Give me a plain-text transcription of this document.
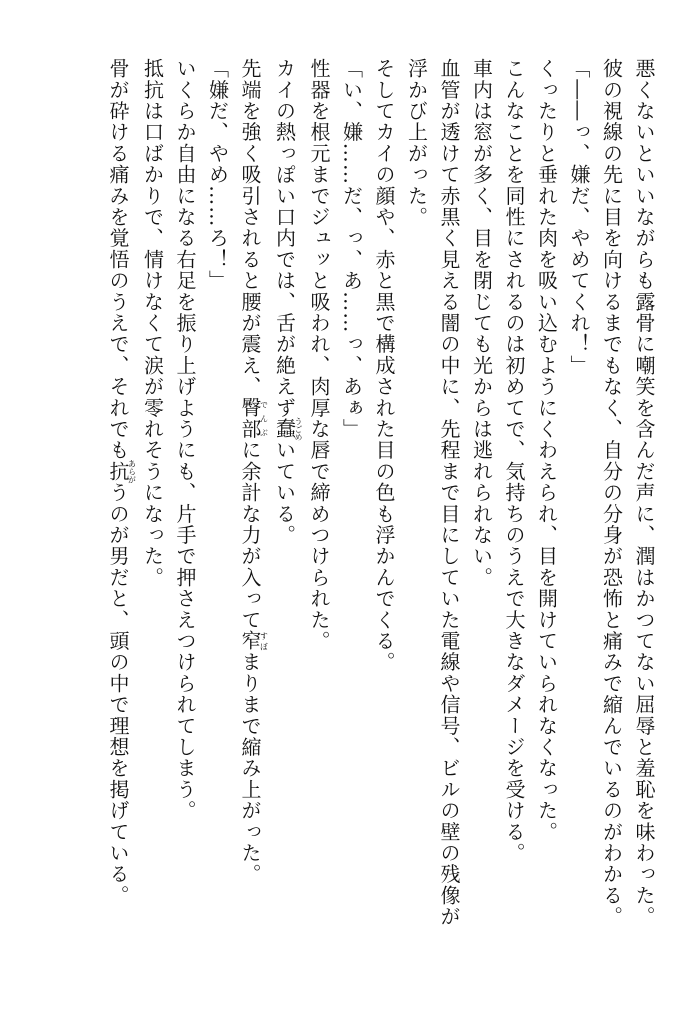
悪くないといいながらも露骨に嘲笑を含んだ声に、潤はかつてない屈辱と羞恥を味わった。

彼の視線の先に目を向けるまでもなく、自分の分身が恐怖と痛みで縮んでいるのがわかる。

「――っ、嫌だ、やめてくれ！」

くったりと垂れた肉を吸い込むようにくわえられ、目を開けていられなくなった。

こんなことを同性にされるのは初めてで、気持ちのうえで大きなダメージを受ける。

車内は窓が多く、目を閉じても光からは逃れられない。

血管が透けて赤黒く見える闇の中に、先程まで目にしていた電線や信号、ビルの壁の残像が

浮かび上がった。

そしてカイの顔や、赤と黒で構成された目の色も浮かんでくる。

「い、嫌……だ、っ、あ……っ、あぁ」

性器を根元までジュッと吸われ、肉厚な唇で締めつけられた。

カイの熱っぽい口内では、舌が絶えず蠢うごめいている。

先端を強く吸引されると腰が震え、臀部でんぶに余計な力が入って窄すぼまりまで縮み上がった。

「嫌だ、やめ……ろ！」

いくらか自由になる右足を振り上げようにも、片手で押さえつけられてしまう。

抵抗は口ばかりで、情けなくて涙が零れそうになった。

骨が砕ける痛みを覚悟のうえで、それでも抗あらがうのが男だと、頭の中で理想を掲げている。
